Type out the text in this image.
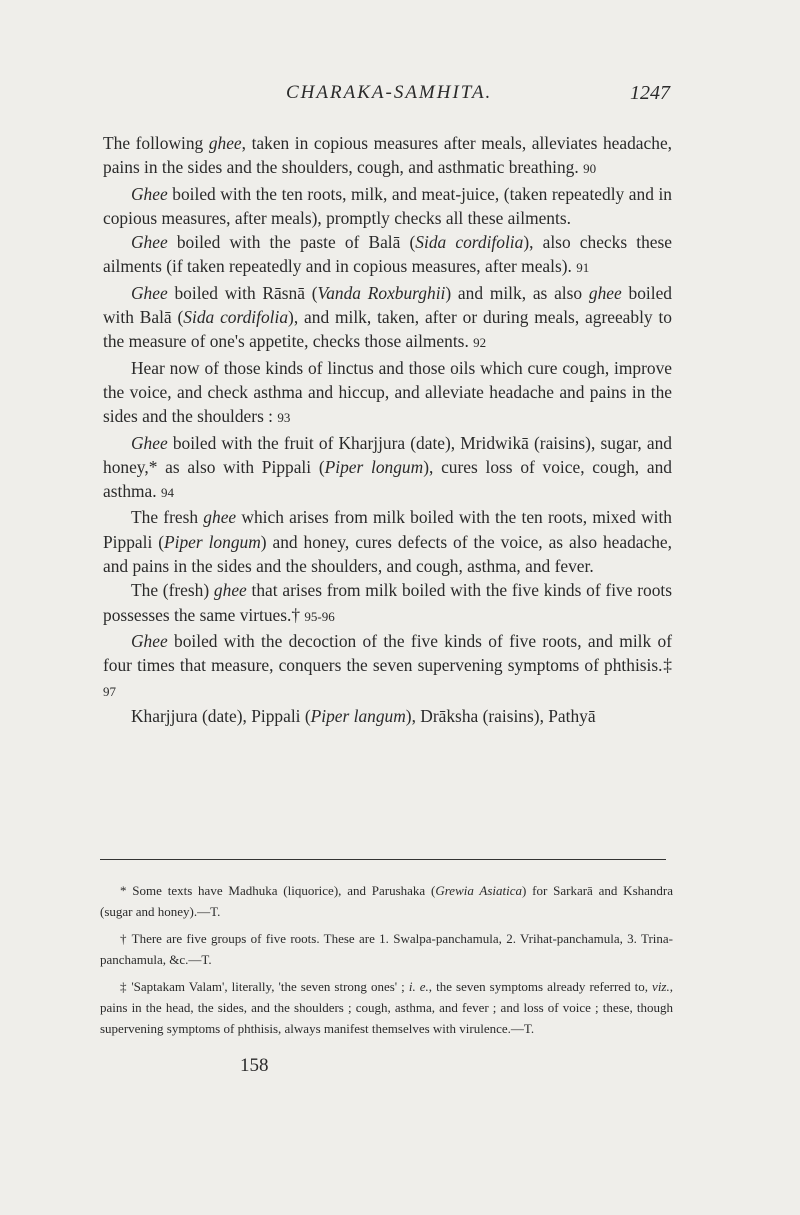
CHARAKA-SAMHITA.	1247

The following ghee, taken in copious measures after meals, alleviates headache, pains in the sides and the shoulders, cough, and asthmatic breathing. 90

Ghee boiled with the ten roots, milk, and meat-juice, (taken repeatedly and in copious measures, after meals), promptly checks all these ailments.

Ghee boiled with the paste of Balā (Sida cordifolia), also checks these ailments (if taken repeatedly and in copious measures, after meals). 91

Ghee boiled with Rāsnā (Vanda Roxburghii) and milk, as also ghee boiled with Balā (Sida cordifolia), and milk, taken, after or during meals, agreeably to the measure of one's appetite, checks those ailments. 92

Hear now of those kinds of linctus and those oils which cure cough, improve the voice, and check asthma and hiccup, and alleviate headache and pains in the sides and the shoulders : 93

Ghee boiled with the fruit of Kharjjura (date), Mridwikā (raisins), sugar, and honey,* as also with Pippali (Piper longum), cures loss of voice, cough, and asthma. 94

The fresh ghee which arises from milk boiled with the ten roots, mixed with Pippali (Piper longum) and honey, cures defects of the voice, as also headache, and pains in the sides and the shoulders, and cough, asthma, and fever.

The (fresh) ghee that arises from milk boiled with the five kinds of five roots possesses the same virtues.† 95-96

Ghee boiled with the decoction of the five kinds of five roots, and milk of four times that measure, conquers the seven supervening symptoms of phthisis.‡ 97

Kharjjura (date), Pippali (Piper langum), Drāksha (raisins), Pathyā

* Some texts have Madhuka (liquorice), and Parushaka (Grewia Asiatica) for Sarkarā and Kshandra (sugar and honey).—T.

† There are five groups of five roots. These are 1. Swalpa-panchamula, 2. Vrihat-panchamula, 3. Trina-panchamula, &c.—T.

‡ 'Saptakam Valam', literally, 'the seven strong ones' ; i. e., the seven symptoms already referred to, viz., pains in the head, the sides, and the shoulders ; cough, asthma, and fever ; and loss of voice ; these, though supervening symptoms of phthisis, always manifest themselves with virulence.—T.

158
